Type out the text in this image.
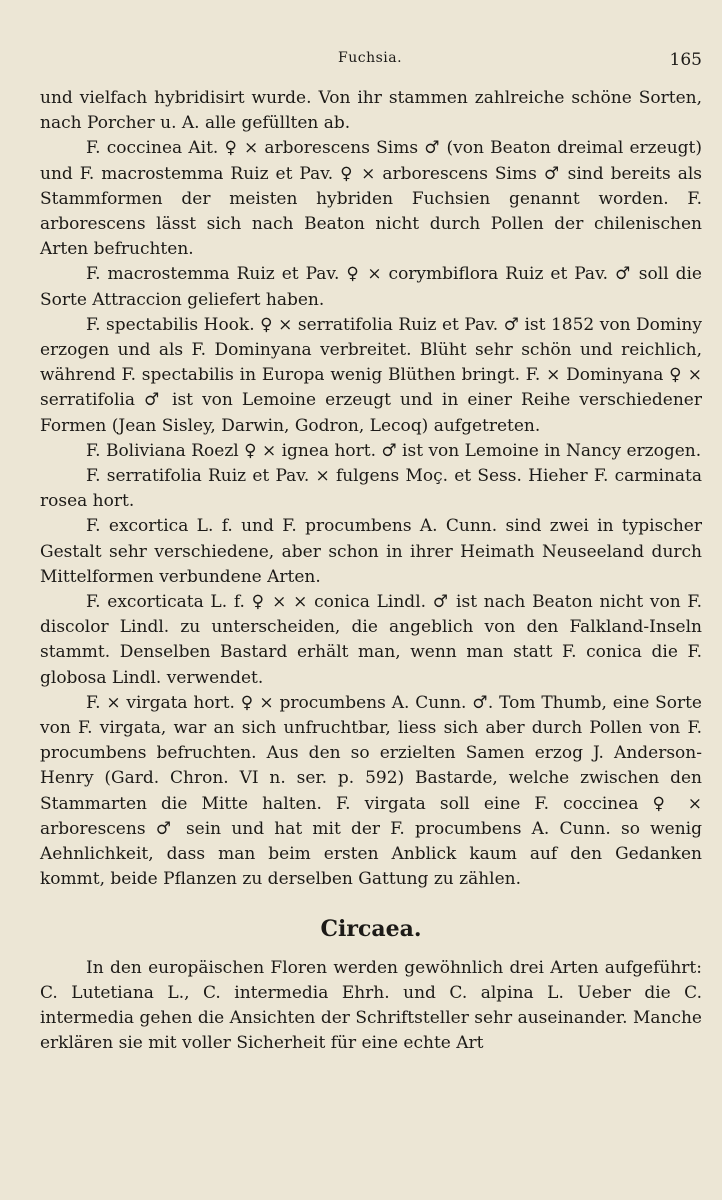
Fuchsia.	165

und vielfach hybridisirt wurde. Von ihr stammen zahlreiche schöne Sorten, nach Porcher u. A. alle gefüllten ab.

F. coccinea Ait. ♀ × arborescens Sims ♂ (von Beaton dreimal erzeugt) und F. macrostemma Ruiz et Pav. ♀ × arborescens Sims ♂ sind bereits als Stammformen der meisten hybriden Fuchsien genannt worden. F. arborescens lässt sich nach Beaton nicht durch Pollen der chilenischen Arten befruchten.

F. macrostemma Ruiz et Pav. ♀ × corymbiflora Ruiz et Pav. ♂ soll die Sorte Attraccion geliefert haben.

F. spectabilis Hook. ♀ × serratifolia Ruiz et Pav. ♂ ist 1852 von Dominy erzogen und als F. Dominyana verbreitet. Blüht sehr schön und reichlich, während F. spectabilis in Europa wenig Blüthen bringt. F. ⨯ Dominyana ♀ × serratifolia ♂ ist von Lemoine erzeugt und in einer Reihe verschiedener Formen (Jean Sisley, Darwin, Godron, Lecoq) aufgetreten.

F. Boliviana Roezl ♀ × ignea hort. ♂ ist von Lemoine in Nancy erzogen.

F. serratifolia Ruiz et Pav. × fulgens Moç. et Sess. Hieher F. carminata rosea hort.

F. excortica L. f. und F. procumbens A. Cunn. sind zwei in typischer Gestalt sehr verschiedene, aber schon in ihrer Heimath Neuseeland durch Mittelformen verbundene Arten.

F. excorticata L. f. ♀ × ⨯ conica Lindl. ♂ ist nach Beaton nicht von F. discolor Lindl. zu unterscheiden, die angeblich von den Falkland-Inseln stammt. Denselben Bastard erhält man, wenn man statt F. conica die F. globosa Lindl. verwendet.

F. ⨯ virgata hort. ♀ × procumbens A. Cunn. ♂. Tom Thumb, eine Sorte von F. virgata, war an sich unfruchtbar, liess sich aber durch Pollen von F. procumbens befruchten. Aus den so erzielten Samen erzog J. Anderson-Henry (Gard. Chron. VI n. ser. p. 592) Bastarde, welche zwischen den Stammarten die Mitte halten. F. virgata soll eine F. coccinea ♀ × arborescens ♂ sein und hat mit der F. procumbens A. Cunn. so wenig Aehnlichkeit, dass man beim ersten Anblick kaum auf den Gedanken kommt, beide Pflanzen zu derselben Gattung zu zählen.

Circaea.

In den europäischen Floren werden gewöhnlich drei Arten aufgeführt: C. Lutetiana L., C. intermedia Ehrh. und C. alpina L. Ueber die C. intermedia gehen die Ansichten der Schriftsteller sehr auseinander. Manche erklären sie mit voller Sicherheit für eine echte Art
